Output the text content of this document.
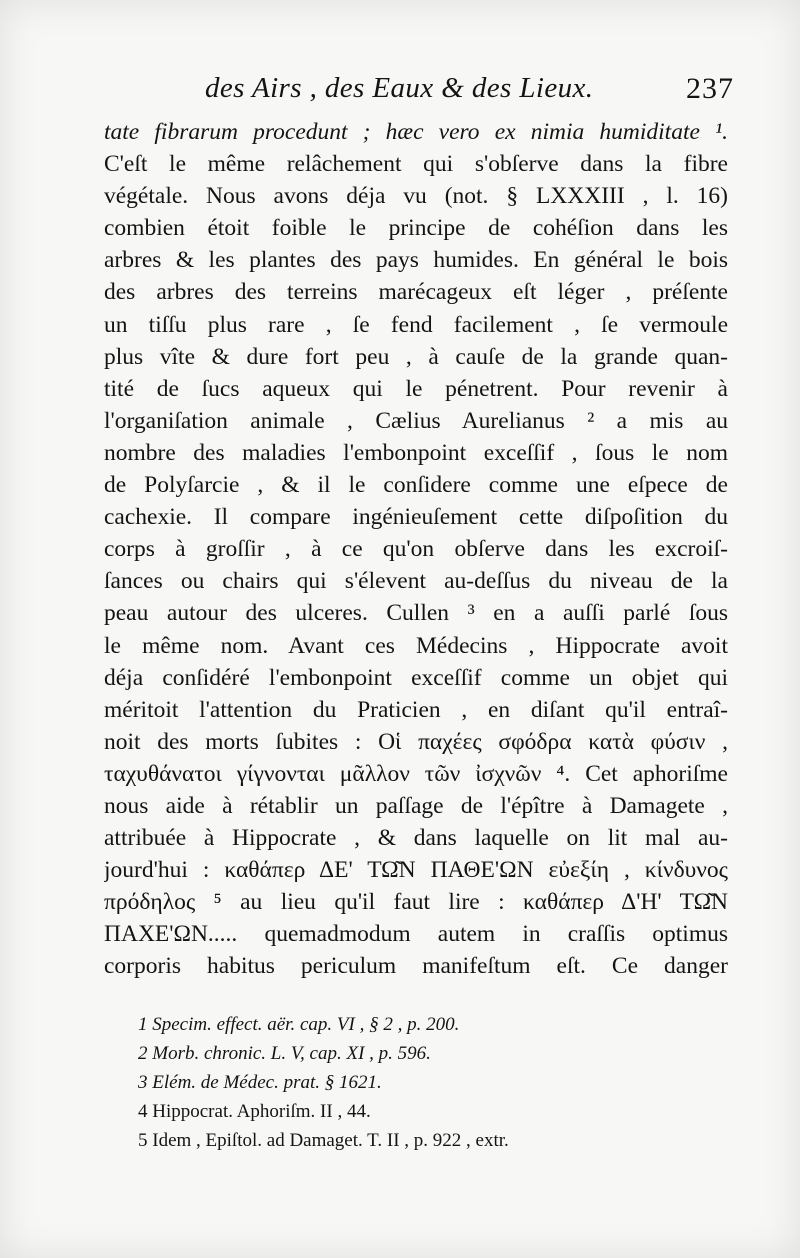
des Airs , des Eaux & des Lieux.	237
tate fibrarum procedunt ; hæc vero ex nimia humiditate ¹.
C'eſt le même relâchement qui s'obſerve dans la fibre
végétale. Nous avons déja vu (not. § LXXXIII , l. 16)
combien étoit foible le principe de cohéſion dans les
arbres & les plantes des pays humides. En général le bois
des arbres des terreins marécageux eſt léger , préſente
un tiſſu plus rare , ſe fend facilement , ſe vermoule
plus vîte & dure fort peu , à cauſe de la grande quan-
tité de ſucs aqueux qui le pénetrent. Pour revenir à
l'organiſation animale , Cælius Aurelianus ² a mis au
nombre des maladies l'embonpoint exceſſif , ſous le nom
de Polyſarcie , & il le conſidere comme une eſpece de
cachexie. Il compare ingénieuſement cette diſpoſition du
corps à groſſir , à ce qu'on obſerve dans les excroiſ-
ſances ou chairs qui s'élevent au-deſſus du niveau de la
peau autour des ulceres. Cullen ³ en a auſſi parlé ſous
le même nom. Avant ces Médecins , Hippocrate avoit
déja conſidéré l'embonpoint exceſſif comme un objet qui
méritoit l'attention du Praticien , en diſant qu'il entraî-
noit des morts ſubites : Οἱ παχέες σφόδρα κατὰ φύσιν ,
ταχυθάνατοι γίγνονται μᾶλλον τῶν ἰσχνῶν ⁴. Cet aphoriſme
nous aide à rétablir un paſſage de l'épître à Damagete ,
attribuée à Hippocrate , & dans laquelle on lit mal au-
jourd'hui : καθάπερ ΔΕ' ΤΩ͂Ν ΠΑΘΕ'ΩΝ εὐεξίη , κίνδυνος
πρόδηλος ⁵ au lieu qu'il faut lire : καθάπερ Δ'Η' ΤΩ͂Ν
ΠΑΧΕ'ΩΝ..... quemadmodum autem in craſſis optimus
corporis habitus periculum manifeſtum eſt. Ce danger
1 Specim. effect. aër. cap. VI , § 2 , p. 200.
2 Morb. chronic. L. V, cap. XI , p. 596.
3 Elém. de Médec. prat. § 1621.
4 Hippocrat. Aphoriſm. II , 44.
5 Idem , Epiſtol. ad Damaget. T. II , p. 922 , extr.
